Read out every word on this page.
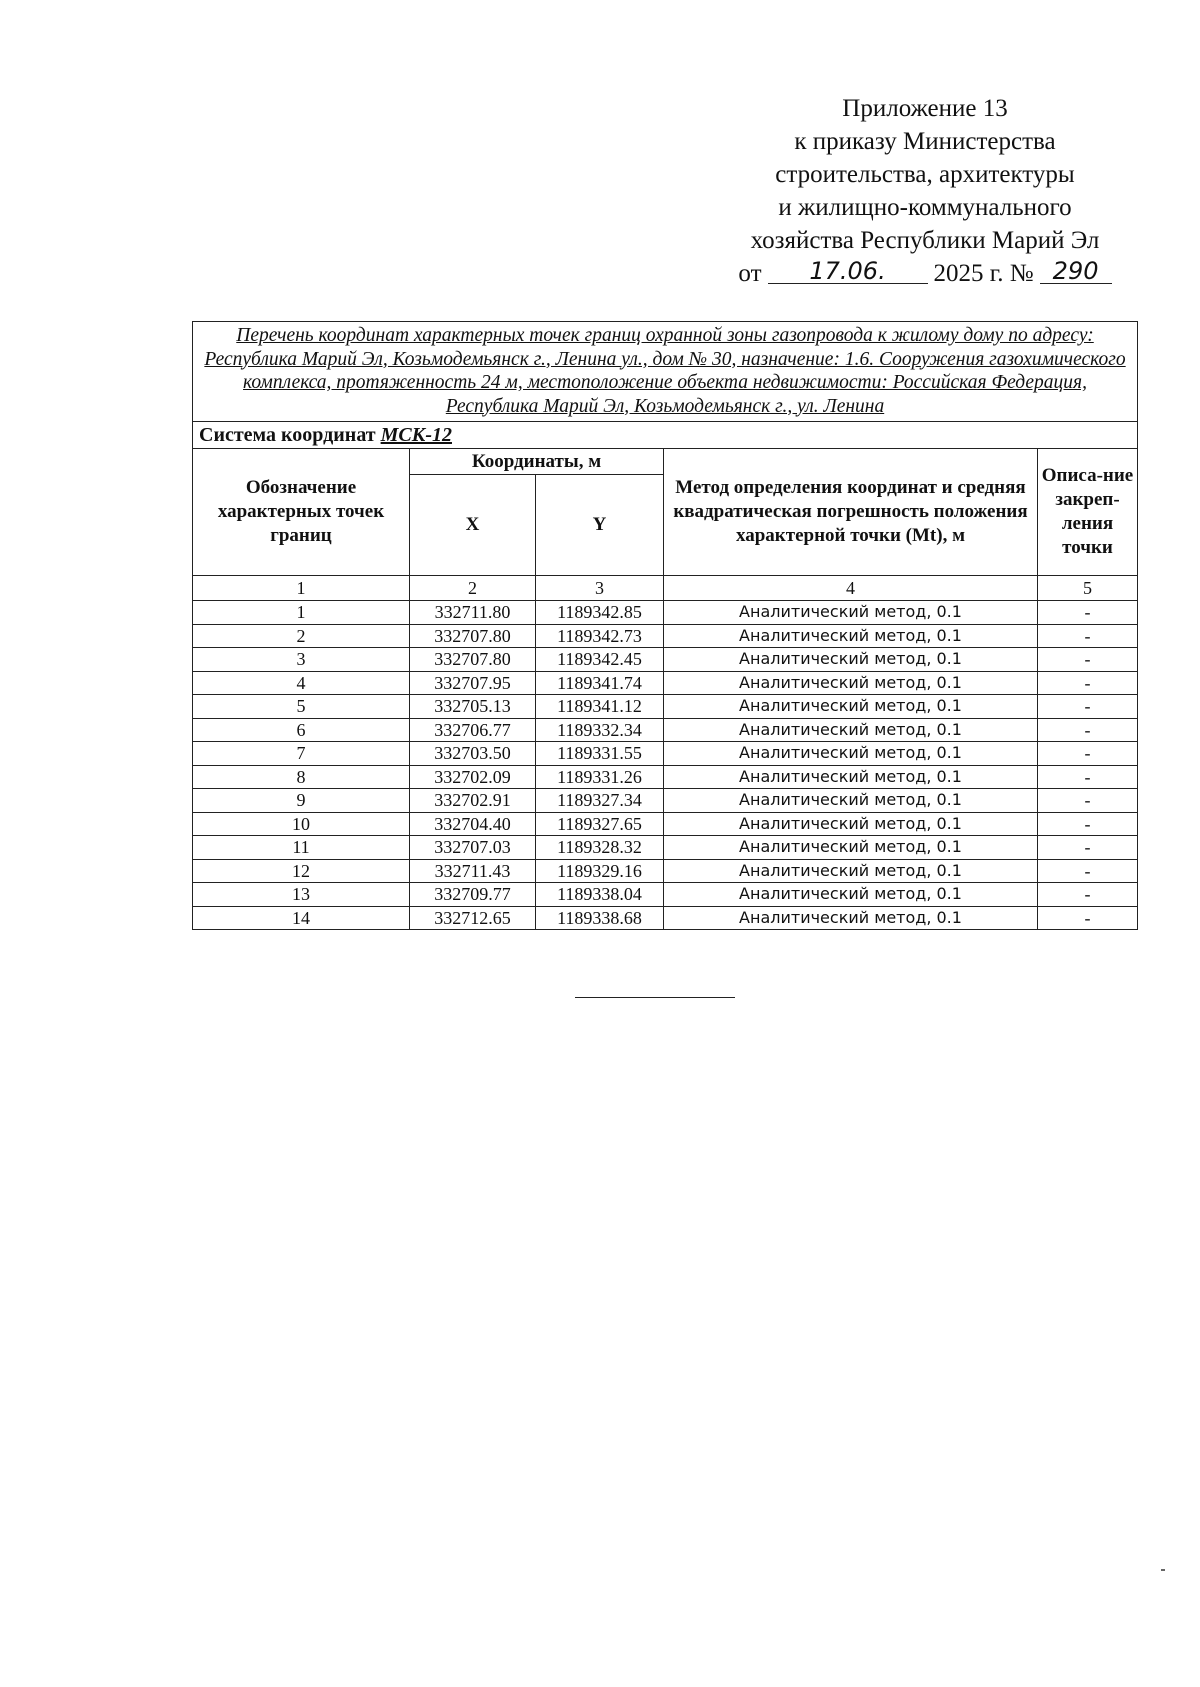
Приложение 13
к приказу Министерства
строительства, архитектуры
и жилищно-коммунального
хозяйства Республики Марий Эл
от 17.06. 2025 г. № 290
Перечень координат характерных точек границ охранной зоны газопровода к жилому дому по адресу: Республика Марий Эл, Козьмодемьянск г., Ленина ул., дом № 30, назначение: 1.6. Сооружения газохимического комплекса, протяженность 24 м, местоположение объекта недвижимости: Российская Федерация, Республика Марий Эл, Козьмодемьянск г., ул. Ленина				
Система координат МСК-12				
Обозначение характерных точек границ	Координаты, м		Метод определения координат и средняя квадратическая погрешность положения характерной точки (Mt), м	Описа-ние закреп-ления точки
	X	Y		
1	2	3	4	5
1	332711.80	1189342.85	Аналитический метод, 0.1	-
2	332707.80	1189342.73	Аналитический метод, 0.1	-
3	332707.80	1189342.45	Аналитический метод, 0.1	-
4	332707.95	1189341.74	Аналитический метод, 0.1	-
5	332705.13	1189341.12	Аналитический метод, 0.1	-
6	332706.77	1189332.34	Аналитический метод, 0.1	-
7	332703.50	1189331.55	Аналитический метод, 0.1	-
8	332702.09	1189331.26	Аналитический метод, 0.1	-
9	332702.91	1189327.34	Аналитический метод, 0.1	-
10	332704.40	1189327.65	Аналитический метод, 0.1	-
11	332707.03	1189328.32	Аналитический метод, 0.1	-
12	332711.43	1189329.16	Аналитический метод, 0.1	-
13	332709.77	1189338.04	Аналитический метод, 0.1	-
14	332712.65	1189338.68	Аналитический метод, 0.1	-
